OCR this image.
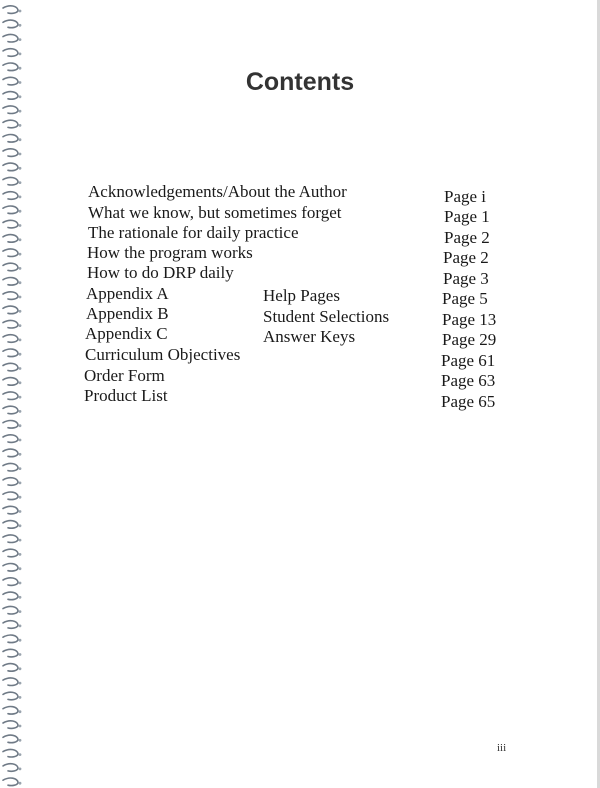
Contents
Acknowledgements/About the Author	Page i
What we know, but sometimes forget	Page 1
The rationale for daily practice	Page 2
How the program works	Page 2
How to do DRP daily	Page 3
Appendix A	Help Pages	Page 5
Appendix B	Student Selections	Page 13
Appendix C	Answer Keys	Page 29
Curriculum Objectives	Page 61
Order Form	Page 63
Product List	Page 65
iii
